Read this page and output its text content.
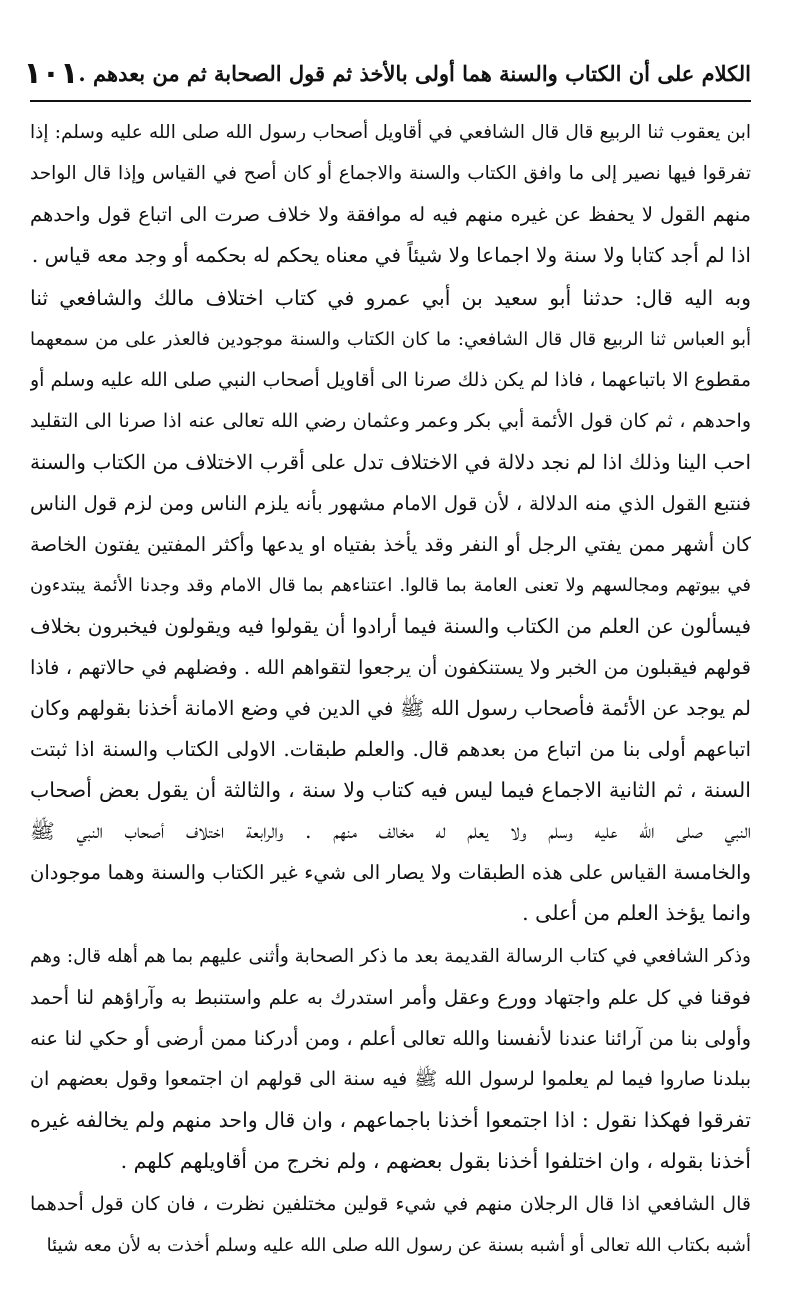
الكلام على أن الكتاب والسنة هما أولى بالأخذ ثم قول الصحابة ثم من بعدهم .
١٠١
ابن يعقوب ثنا الربيع قال قال الشافعي في أقاويل أصحاب رسول الله صلى الله عليه وسلم: إذا
تفرقوا فيها نصير إلى ما وافق الكتاب والسنة والاجماع أو كان أصح في القياس وإذا قال الواحد
منهم القول لا يحفظ عن غيره منهم فيه له موافقة ولا خلاف صرت الى اتباع قول واحدهم
اذا لم أجد كتابا ولا سنة ولا اجماعا ولا شيئاً في معناه يحكم له بحكمه أو وجد معه قياس .
وبه اليه قال: حدثنا أبو سعيد بن أبي عمرو في كتاب اختلاف مالك والشافعي ثنا
أبو العباس ثنا الربيع قال قال الشافعي: ما كان الكتاب والسنة موجودين فالعذر على من سمعهما
مقطوع الا باتباعهما ، فاذا لم يكن ذلك صرنا الى أقاويل أصحاب النبي صلى الله عليه وسلم أو
واحدهم ، ثم كان قول الأئمة أبي بكر وعمر وعثمان رضي الله تعالى عنه اذا صرنا الى التقليد
احب الينا وذلك اذا لم نجد دلالة في الاختلاف تدل على أقرب الاختلاف من الكتاب والسنة
فنتبع القول الذي منه الدلالة ، لأن قول الامام مشهور بأنه يلزم الناس ومن لزم قول الناس
كان أشهر ممن يفتي الرجل أو النفر وقد يأخذ بفتياه او يدعها وأكثر المفتين يفتون الخاصة
في بيوتهم ومجالسهم ولا تعنى العامة بما قالوا. اعتناءهم بما قال الامام وقد وجدنا الأئمة يبتدءون
فيسألون عن العلم من الكتاب والسنة فيما أرادوا أن يقولوا فيه ويقولون فيخبرون بخلاف
قولهم فيقبلون من الخبر ولا يستنكفون أن يرجعوا لتقواهم الله . وفضلهم في حالاتهم ، فاذا
لم يوجد عن الأئمة فأصحاب رسول الله ﷺ في الدين في وضع الامانة أخذنا بقولهم وكان
اتباعهم أولى بنا من اتباع من بعدهم قال. والعلم طبقات. الاولى الكتاب والسنة اذا ثبتت
السنة ، ثم الثانية الاجماع فيما ليس فيه كتاب ولا سنة ، والثالثة أن يقول بعض أصحاب
النبي صلى الله عليه وسلم ولا يعلم له مخالف منهم . والرابعة اختلاف أصحاب النبي ﷺ
والخامسة القياس على هذه الطبقات ولا يصار الى شيء غير الكتاب والسنة وهما موجودان
وانما يؤخذ العلم من أعلى .
وذكر الشافعي في كتاب الرسالة القديمة بعد ما ذكر الصحابة وأثنى عليهم بما هم أهله قال: وهم
فوقنا في كل علم واجتهاد وورع وعقل وأمر استدرك به علم واستنبط به وآراؤهم لنا أحمد
وأولى بنا من آرائنا عندنا لأنفسنا والله تعالى أعلم ، ومن أدركنا ممن أرضى أو حكي لنا عنه
ببلدنا صاروا فيما لم يعلموا لرسول الله ﷺ فيه سنة الى قولهم ان اجتمعوا وقول بعضهم ان
تفرقوا فهكذا نقول : اذا اجتمعوا أخذنا باجماعهم ، وان قال واحد منهم ولم يخالفه غيره
أخذنا بقوله ، وان اختلفوا أخذنا بقول بعضهم ، ولم نخرج من أقاويلهم كلهم .
قال الشافعي اذا قال الرجلان منهم في شيء قولين مختلفين نظرت ، فان كان قول أحدهما
أشبه بكتاب الله تعالى أو أشبه بسنة عن رسول الله صلى الله عليه وسلم أخذت به لأن معه شيئا
